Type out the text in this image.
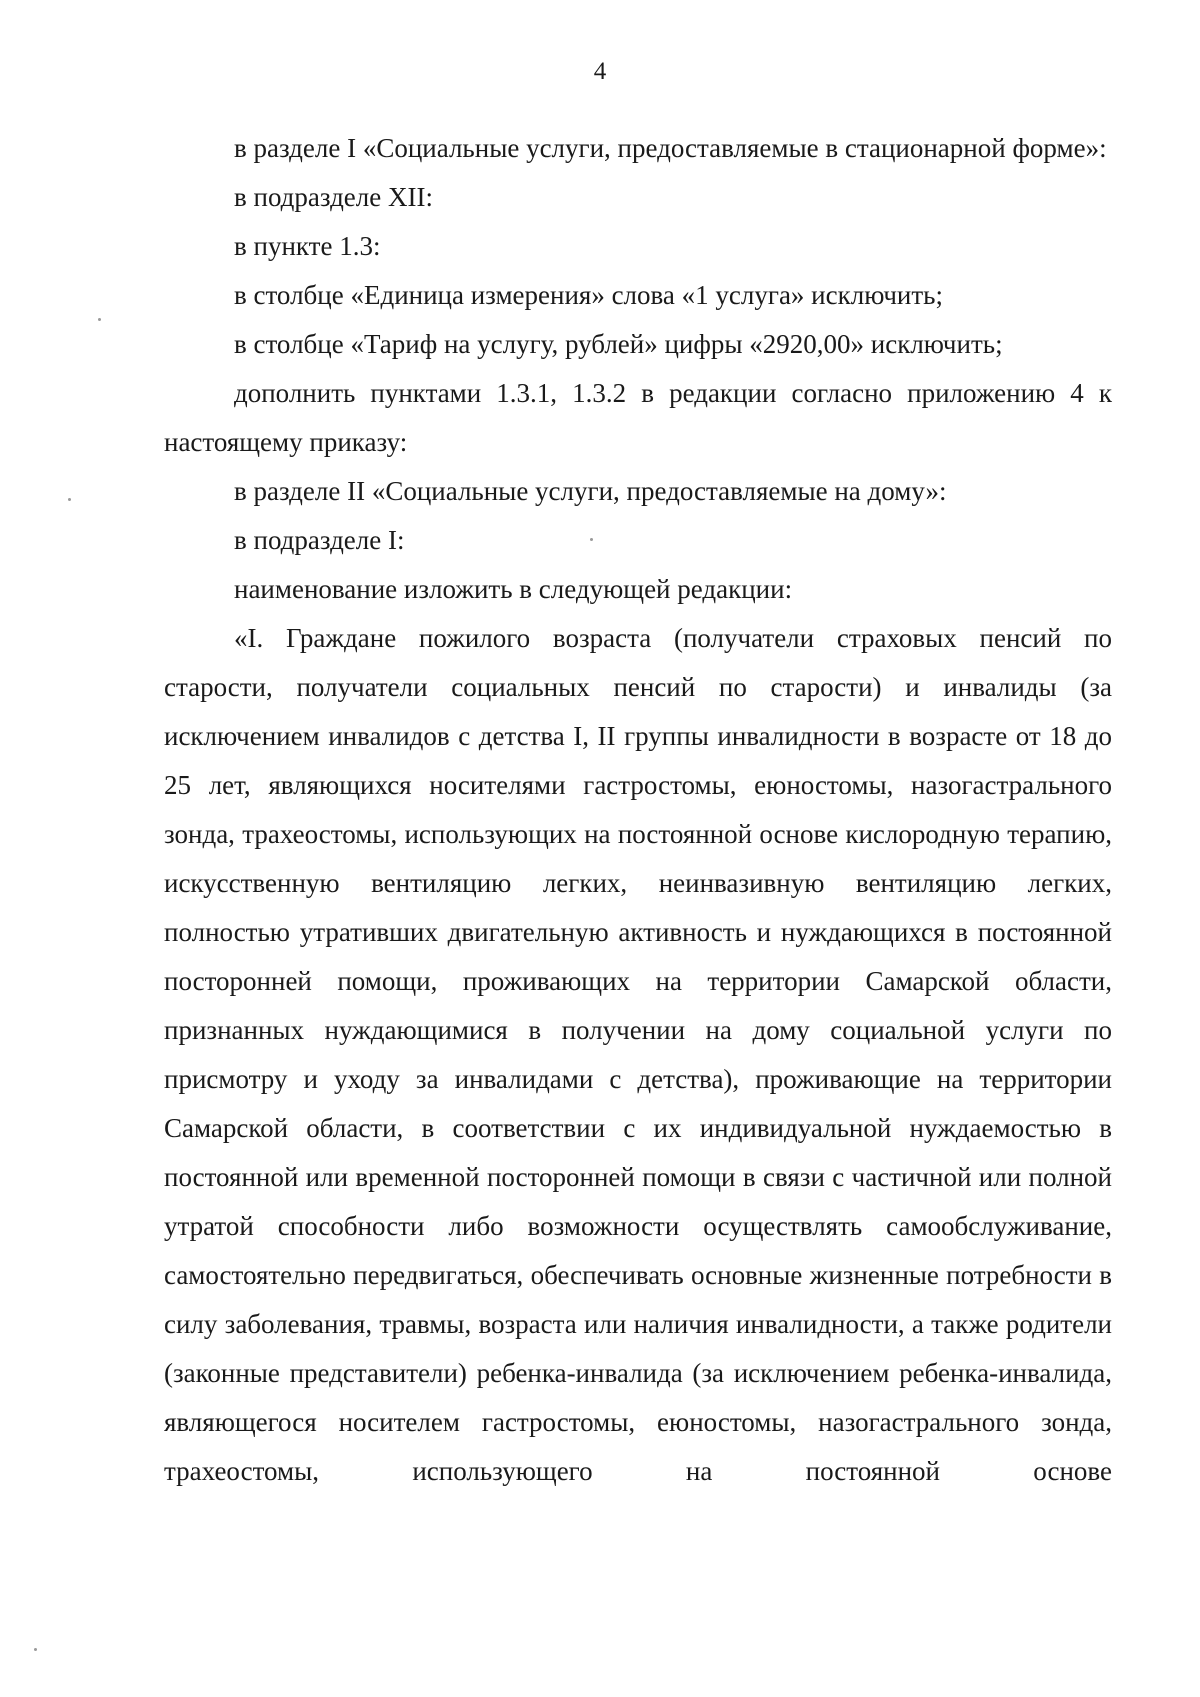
4

в разделе I «Социальные услуги, предоставляемые в стационарной форме»:

в подразделе XII:

в пункте 1.3:

в столбце «Единица измерения» слова «1 услуга» исключить;

в столбце «Тариф на услугу, рублей» цифры «2920,00» исключить;

дополнить пунктами 1.3.1, 1.3.2 в редакции согласно приложению 4 к настоящему приказу:

в разделе II «Социальные услуги, предоставляемые на дому»:

в подразделе I:

наименование изложить в следующей редакции:

«I. Граждане пожилого возраста (получатели страховых пенсий по старости, получатели социальных пенсий по старости) и инвалиды (за исключением инвалидов с детства I, II группы инвалидности в возрасте от 18 до 25 лет, являющихся носителями гастростомы, еюностомы, назогастрального зонда, трахеостомы, использующих на постоянной основе кислородную терапию, искусственную вентиляцию легких, неинвазивную вентиляцию легких, полностью утративших двигательную активность и нуждающихся в постоянной посторонней помощи, проживающих на территории Самарской области, признанных нуждающимися в получении на дому социальной услуги по присмотру и уходу за инвалидами с детства), проживающие на территории Самарской области, в соответствии с их индивидуальной нуждаемостью в постоянной или временной посторонней помощи в связи с частичной или полной утратой способности либо возможности осуществлять самообслуживание, самостоятельно передвигаться, обеспечивать основные жизненные потребности в силу заболевания, травмы, возраста или наличия инвалидности, а также родители (законные представители) ребенка-инвалида (за исключением ребенка-инвалида, являющегося носителем гастростомы, еюностомы, назогастрального зонда, трахеостомы, использующего на постоянной основе
